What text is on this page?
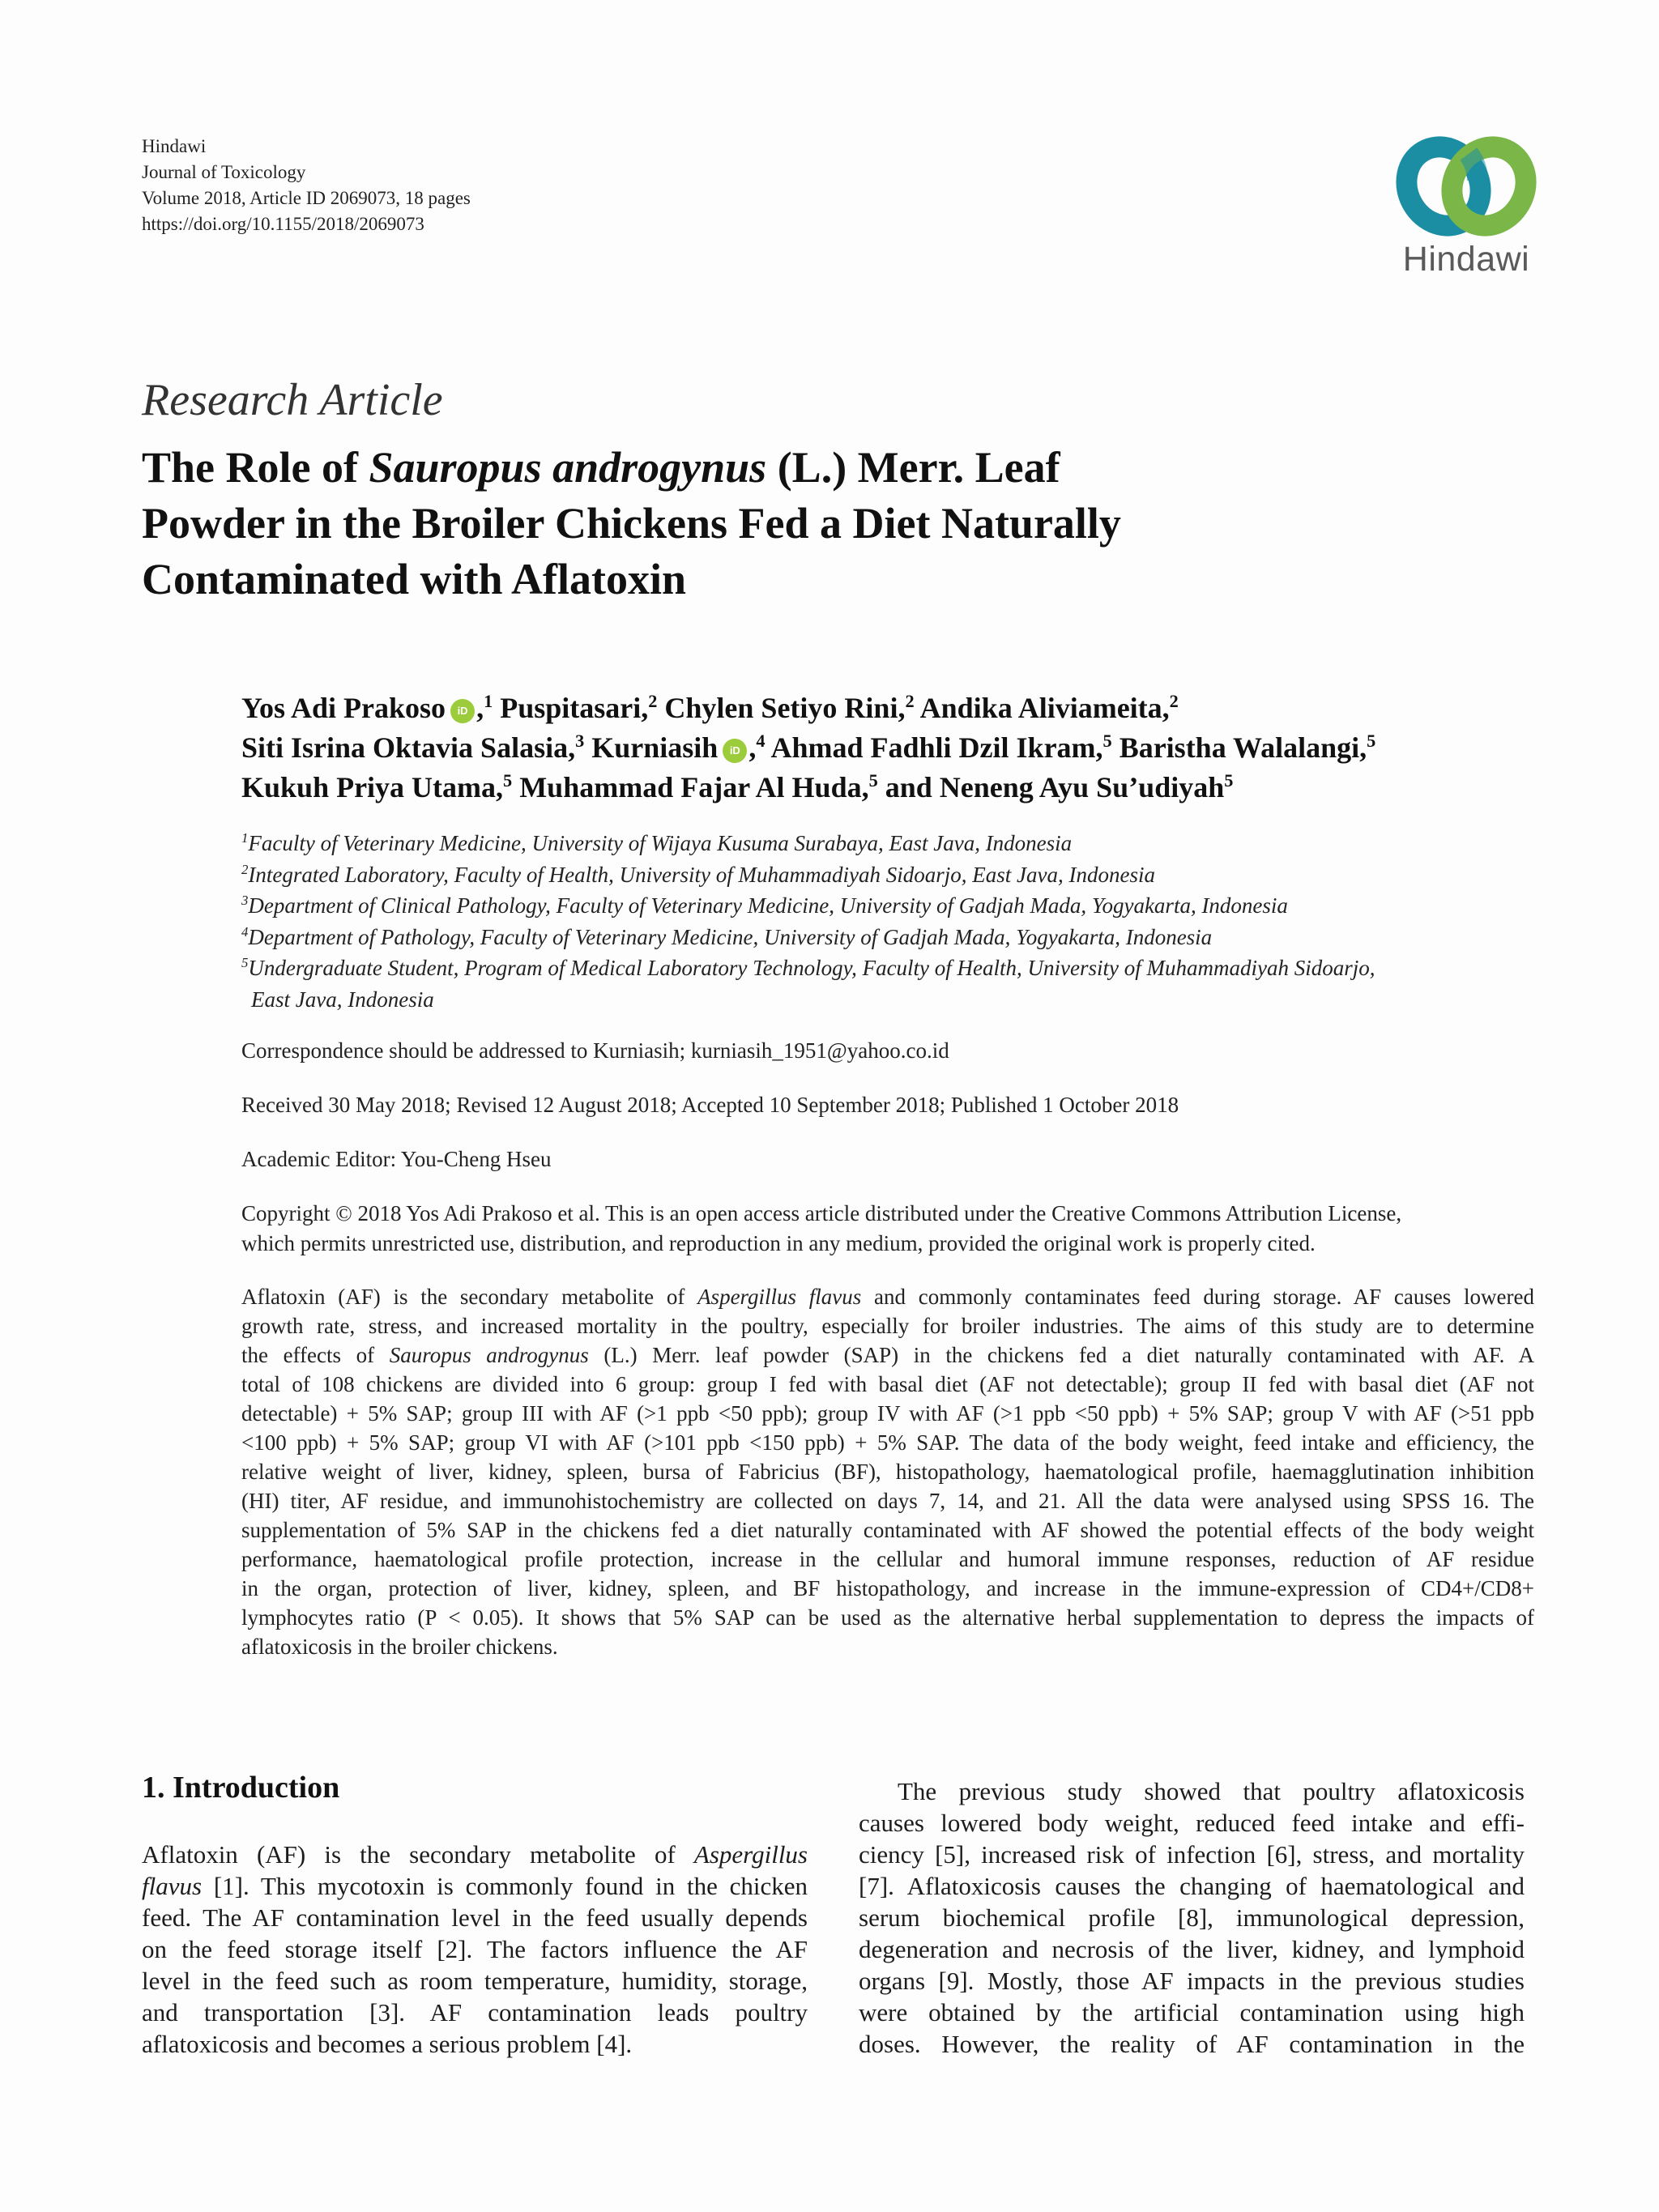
Hindawi
Journal of Toxicology
Volume 2018, Article ID 2069073, 18 pages
https://doi.org/10.1155/2018/2069073
Hindawi
Research Article
The Role of Sauropus androgynus (L.) Merr. Leaf
Powder in the Broiler Chickens Fed a Diet Naturally
Contaminated with Aflatoxin
Yos Adi Prakoso iD ,$^1$ Puspitasari,$^2$ Chylen Setiyo Rini,$^2$ Andika Aliviameita,$^2$
Siti Isrina Oktavia Salasia,$^3$ Kurniasih iD ,$^4$ Ahmad Fadhli Dzil Ikram,$^5$ Baristha Walalangi,$^5$
Kukuh Priya Utama,$^5$ Muhammad Fajar Al Huda,$^5$ and Neneng Ayu Su’udiyah$^5$
$^1$Faculty of Veterinary Medicine, University of Wijaya Kusuma Surabaya, East Java, Indonesia
$^2$Integrated Laboratory, Faculty of Health, University of Muhammadiyah Sidoarjo, East Java, Indonesia
$^3$Department of Clinical Pathology, Faculty of Veterinary Medicine, University of Gadjah Mada, Yogyakarta, Indonesia
$^4$Department of Pathology, Faculty of Veterinary Medicine, University of Gadjah Mada, Yogyakarta, Indonesia
$^5$Undergraduate Student, Program of Medical Laboratory Technology, Faculty of Health, University of Muhammadiyah Sidoarjo,
East Java, Indonesia
Correspondence should be addressed to Kurniasih; kurniasih_1951@yahoo.co.id
Received 30 May 2018; Revised 12 August 2018; Accepted 10 September 2018; Published 1 October 2018
Academic Editor: You-Cheng Hseu
Copyright © 2018 Yos Adi Prakoso et al. This is an open access article distributed under the Creative Commons Attribution License,
which permits unrestricted use, distribution, and reproduction in any medium, provided the original work is properly cited.
Aflatoxin (AF) is the secondary metabolite of Aspergillus flavus and commonly contaminates feed during storage. AF causes lowered
growth rate, stress, and increased mortality in the poultry, especially for broiler industries. The aims of this study are to determine
the effects of Sauropus androgynus (L.) Merr. leaf powder (SAP) in the chickens fed a diet naturally contaminated with AF. A
total of 108 chickens are divided into 6 group: group I fed with basal diet (AF not detectable); group II fed with basal diet (AF not
detectable) + 5% SAP; group III with AF (>1 ppb <50 ppb); group IV with AF (>1 ppb <50 ppb) + 5% SAP; group V with AF (>51 ppb
<100 ppb) + 5% SAP; group VI with AF (>101 ppb <150 ppb) + 5% SAP. The data of the body weight, feed intake and efficiency, the
relative weight of liver, kidney, spleen, bursa of Fabricius (BF), histopathology, haematological profile, haemagglutination inhibition
(HI) titer, AF residue, and immunohistochemistry are collected on days 7, 14, and 21. All the data were analysed using SPSS 16. The
supplementation of 5% SAP in the chickens fed a diet naturally contaminated with AF showed the potential effects of the body weight
performance, haematological profile protection, increase in the cellular and humoral immune responses, reduction of AF residue
in the organ, protection of liver, kidney, spleen, and BF histopathology, and increase in the immune-expression of CD4+/CD8+
lymphocytes ratio (P < 0.05). It shows that 5% SAP can be used as the alternative herbal supplementation to depress the impacts of
aflatoxicosis in the broiler chickens.
1. Introduction
Aflatoxin (AF) is the secondary metabolite of Aspergillus
flavus [1]. This mycotoxin is commonly found in the chicken
feed. The AF contamination level in the feed usually depends
on the feed storage itself [2]. The factors influence the AF
level in the feed such as room temperature, humidity, storage,
and transportation [3]. AF contamination leads poultry
aflatoxicosis and becomes a serious problem [4].
The previous study showed that poultry aflatoxicosis
causes lowered body weight, reduced feed intake and effi-
ciency [5], increased risk of infection [6], stress, and mortality
[7]. Aflatoxicosis causes the changing of haematological and
serum biochemical profile [8], immunological depression,
degeneration and necrosis of the liver, kidney, and lymphoid
organs [9]. Mostly, those AF impacts in the previous studies
were obtained by the artificial contamination using high
doses. However, the reality of AF contamination in the
